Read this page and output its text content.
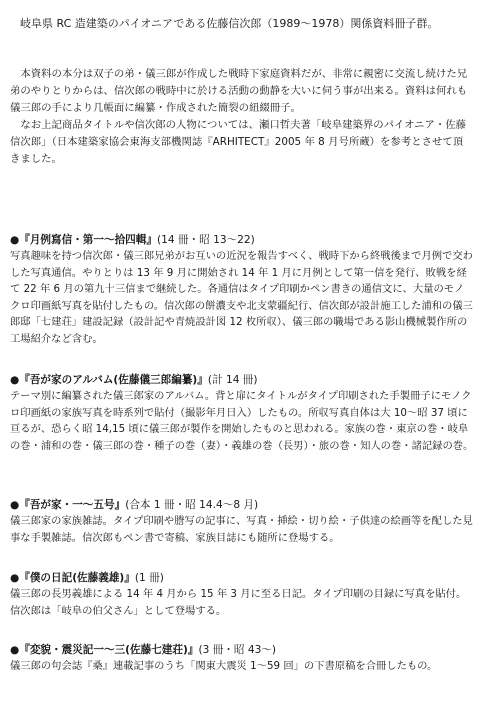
岐阜県 RC 造建築のパイオニアである佐藤信次郎（1989〜1978）関係資料冊子群。

本資料の本分は双子の弟・儀三郎が作成した戦時下家庭資料だが、非常に親密に交流し続けた兄弟のやりとりからは、信次郎の戦時中に於ける活動の動静を大いに伺う事が出来る。資料は何れも儀三郎の手により几帳面に編纂・作成された簡裂の紐綴冊子。

なお上記商品タイトルや信次郎の人物については、瀬口哲夫著「岐阜建築界のパイオニア・佐藤信次郎」（日本建築家協会東海支部機関誌『ARHITECT』2005 年 8 月号所蔵）を参考とさせて頂きました。

●『月例寫信・第一〜拾四輯』(14 冊・昭 13〜22)

写真趣味を持つ信次郎・儀三郎兄弟がお互いの近況を報告すべく、戦時下から終戦後まで月例で交わした写真通信。やりとりは 13 年 9 月に開始され 14 年 1 月に月例として第一信を発行、敗戦を経て 22 年 6 月の第九十三信まで継続した。各通信はタイプ印刷かペン書きの通信文に、大量のモノクロ印画紙写真を貼付したもの。信次郎の餅濃支や北支蒙疆紀行、信次郎が設計施工した浦和の儀三郎邸「七建荘」建設記録（設計記や青焼設計図 12 枚所収）、儀三郎の職場である影山機械製作所の工場紹介など含む。

●『吾が家のアルバム(佐藤儀三郎編纂)』(計 14 冊)

テーマ別に編纂された儀三郎家のアルバム。背と扉にタイトルがタイプ印刷された手製冊子にモノクロ印画紙の家族写真を時系列で貼付（撮影年月日入）したもの。所収写真自体は大 10〜昭 37 頃に亘るが、恐らく昭 14,15 頃に儀三郎が製作を開始したものと思われる。家族の巻・東京の巻・岐阜の巻・浦和の巻・儀三郎の巻・種子の巻（妻）・義雄の巻（長男）・旅の巻・知人の巻・諸記録の巻。

●『吾が家・一〜五号』(合本 1 冊・昭 14.4〜8 月)

儀三郎家の家族雑誌。タイプ印刷や謄写の記事に、写真・挿絵・切り絵・子供達の絵画等を配した見事な手製雑誌。信次郎もペン書で寄稿、家族目誌にも随所に登場する。

●『僕の日記(佐藤義雄)』(1 冊)

儀三郎の長男義雄による 14 年 4 月から 15 年 3 月に至る日記。タイプ印刷の目録に写真を貼付。信次郎は「岐阜の伯父さん」として登場する。

●『変貌・震災記一〜三(佐藤七建荘)』(3 冊・昭 43〜)

儀三郎の句会誌『桑』連載記事のうち「関東大震災 1〜59 回」の下書原稿を合冊したもの。
